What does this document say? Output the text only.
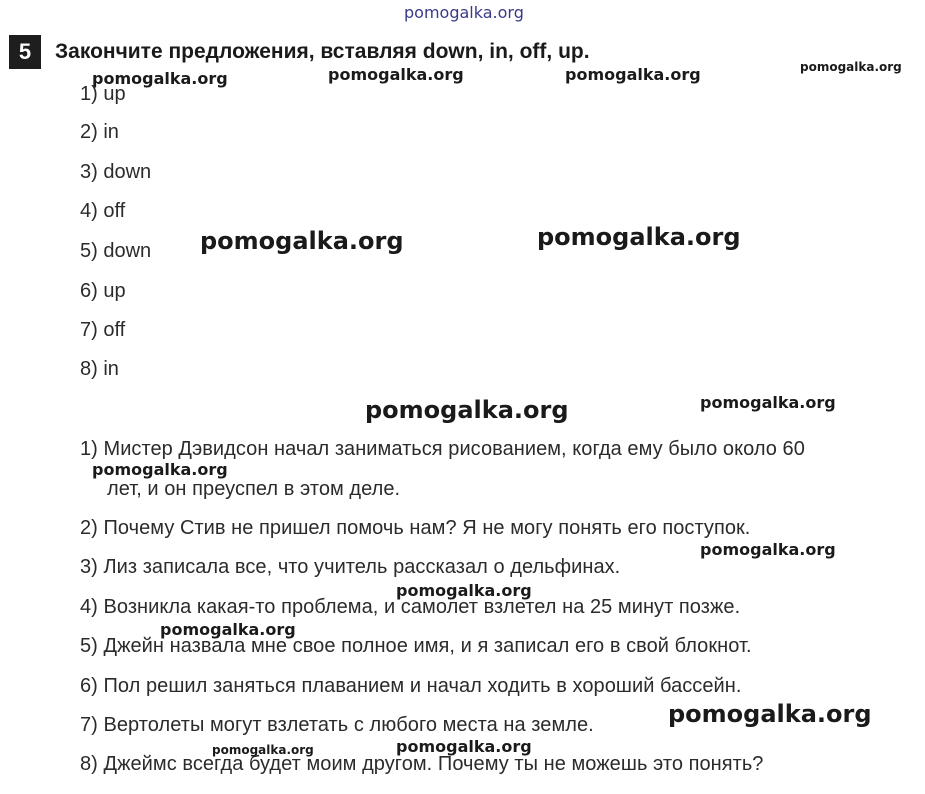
pomogalka.org
pomogalka.org	pomogalka.org	pomogalka.org	pomogalka.org
pomogalka.org	pomogalka.org
pomogalka.org	pomogalka.org
pomogalka.org
pomogalka.org
pomogalka.org
pomogalka.org
pomogalka.org
pomogalka.org	pomogalka.org
5	Закончите предложения, вставляя down, in, off, up.
1) up
2) in
3) down
4) off
5) down
6) up
7) off
8) in
1) Мистер Дэвидсон начал заниматься рисованием, когда ему было около 60
лет, и он преуспел в этом деле.
2) Почему Стив не пришел помочь нам? Я не могу понять его поступок.
3) Лиз записала все, что учитель рассказал о дельфинах.
4) Возникла какая-то проблема, и самолет взлетел на 25 минут позже.
5) Джейн назвала мне свое полное имя, и я записал его в свой блокнот.
6) Пол решил заняться плаванием и начал ходить в хороший бассейн.
7) Вертолеты могут взлетать с любого места на земле.
8) Джеймс всегда будет моим другом. Почему ты не можешь это понять?
